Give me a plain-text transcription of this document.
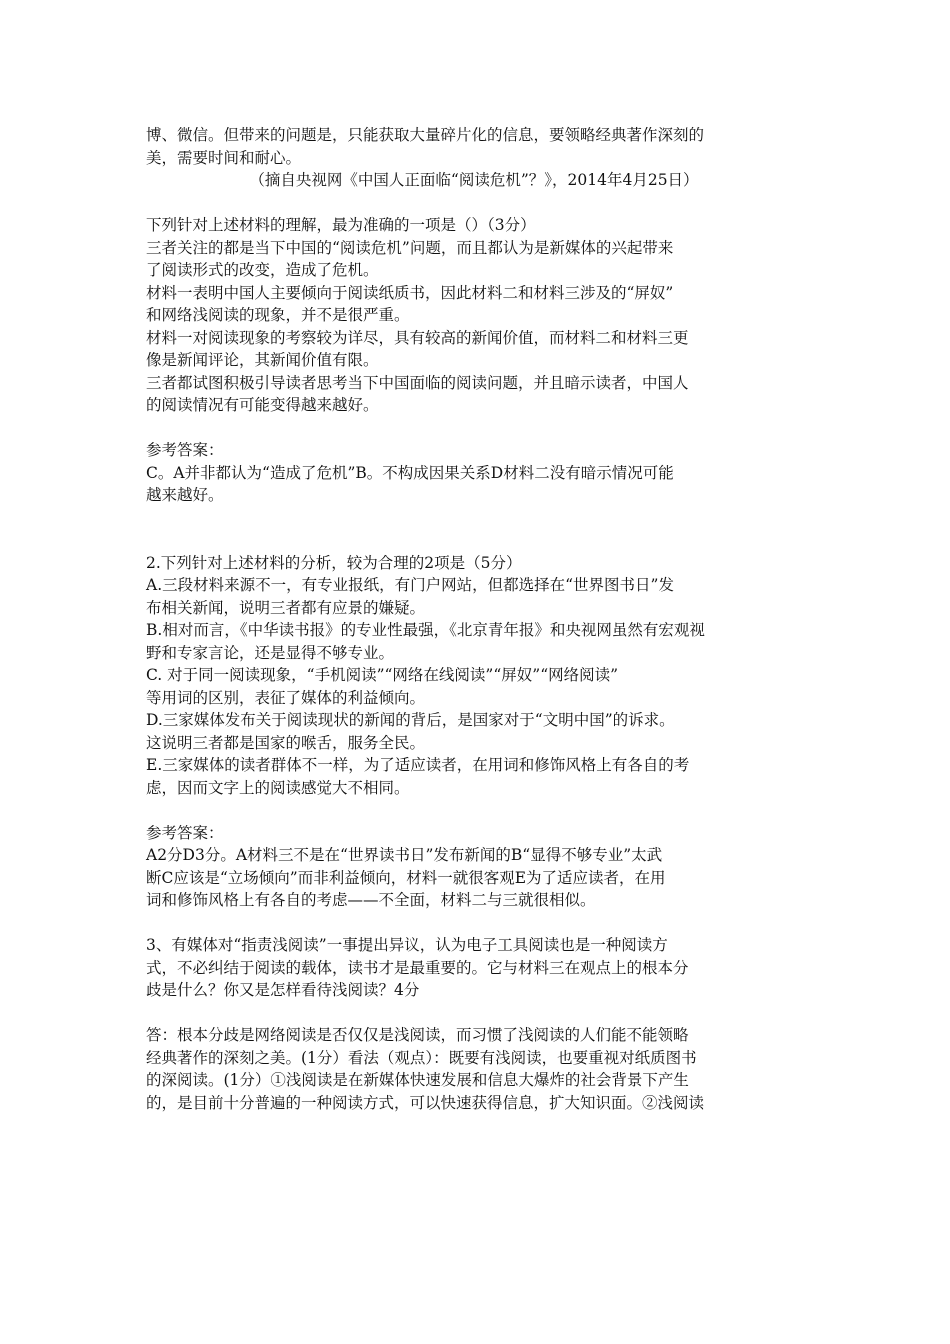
博、微信。但带来的问题是，只能获取大量碎片化的信息，要领略经典著作深刻的
美，需要时间和耐心。
（摘自央视网《中国人正面临“阅读危机”？》，2014年4月25日）
下列针对上述材料的理解，最为准确的一项是（）（3分）
三者关注的都是当下中国的“阅读危机”问题，而且都认为是新媒体的兴起带来
了阅读形式的改变，造成了危机。
材料一表明中国人主要倾向于阅读纸质书，因此材料二和材料三涉及的“屏奴”
和网络浅阅读的现象，并不是很严重。
材料一对阅读现象的考察较为详尽，具有较高的新闻价值，而材料二和材料三更
像是新闻评论，其新闻价值有限。
三者都试图积极引导读者思考当下中国面临的阅读问题，并且暗示读者，中国人
的阅读情况有可能变得越来越好。
参考答案：
C。A并非都认为“造成了危机”B。不构成因果关系D材料二没有暗示情况可能
越来越好。
2.下列针对上述材料的分析，较为合理的2项是（5分）
A.三段材料来源不一，有专业报纸，有门户网站，但都选择在“世界图书日”发
布相关新闻，说明三者都有应景的嫌疑。
B.相对而言，《中华读书报》的专业性最强，《北京青年报》和央视网虽然有宏观视
野和专家言论，还是显得不够专业。
C. 对于同一阅读现象，“手机阅读”“网络在线阅读”“屏奴”“网络阅读”
等用词的区别，表征了媒体的利益倾向。
D.三家媒体发布关于阅读现状的新闻的背后，是国家对于“文明中国”的诉求。
这说明三者都是国家的喉舌，服务全民。
E.三家媒体的读者群体不一样，为了适应读者，在用词和修饰风格上有各自的考
虑，因而文字上的阅读感觉大不相同。
参考答案：
A2分D3分。A材料三不是在“世界读书日”发布新闻的B“显得不够专业”太武
断C应该是“立场倾向”而非利益倾向，材料一就很客观E为了适应读者，在用
词和修饰风格上有各自的考虑——不全面，材料二与三就很相似。
3、有媒体对“指责浅阅读”一事提出异议，认为电子工具阅读也是一种阅读方
式，不必纠结于阅读的载体，读书才是最重要的。它与材料三在观点上的根本分
歧是什么？你又是怎样看待浅阅读？4分
答：根本分歧是网络阅读是否仅仅是浅阅读，而习惯了浅阅读的人们能不能领略
经典著作的深刻之美。(1分）看法（观点）：既要有浅阅读，也要重视对纸质图书
的深阅读。(1分）①浅阅读是在新媒体快速发展和信息大爆炸的社会背景下产生
的，是目前十分普遍的一种阅读方式，可以快速获得信息，扩大知识面。②浅阅读
